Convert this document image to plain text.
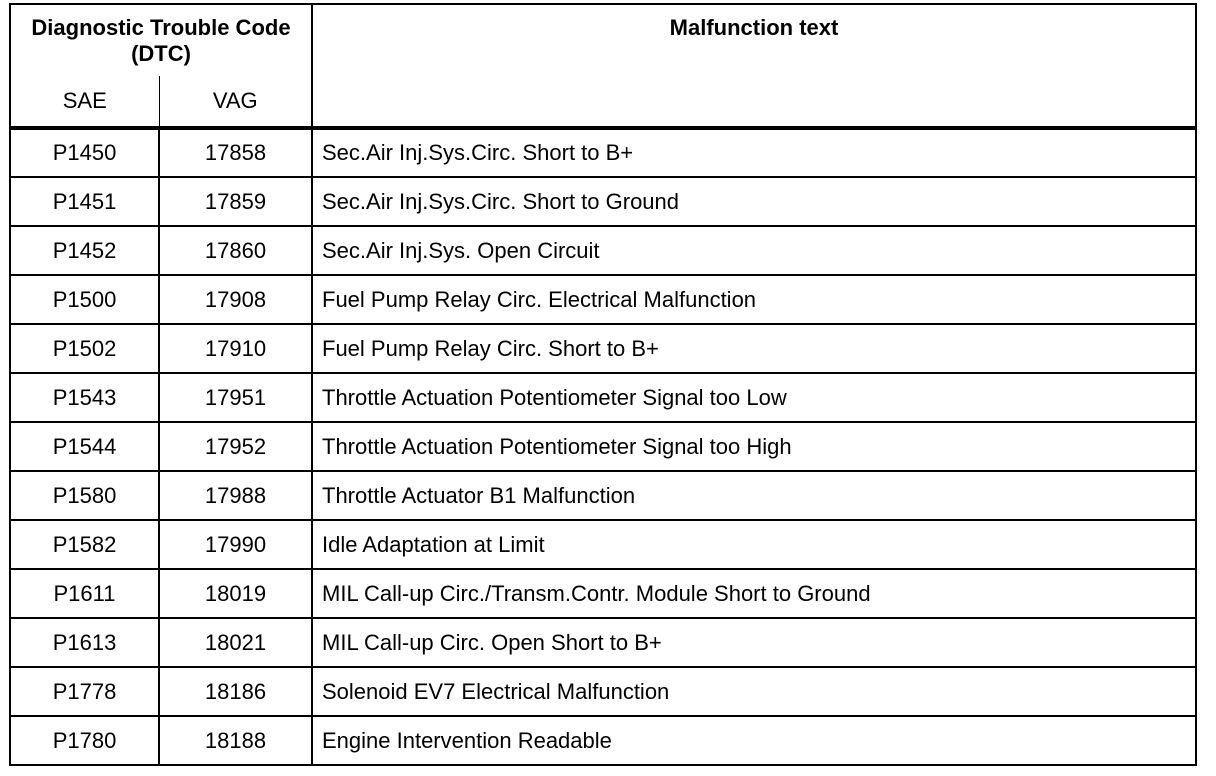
Diagnostic Trouble Code (DTC)		Malfunction text
SAE	VAG	
P1450	17858	Sec.Air Inj.Sys.Circ. Short to B+
P1451	17859	Sec.Air Inj.Sys.Circ. Short to Ground
P1452	17860	Sec.Air Inj.Sys. Open Circuit
P1500	17908	Fuel Pump Relay Circ. Electrical Malfunction
P1502	17910	Fuel Pump Relay Circ. Short to B+
P1543	17951	Throttle Actuation Potentiometer Signal too Low
P1544	17952	Throttle Actuation Potentiometer Signal too High
P1580	17988	Throttle Actuator B1 Malfunction
P1582	17990	Idle Adaptation at Limit
P1611	18019	MIL Call-up Circ./Transm.Contr. Module Short to Ground
P1613	18021	MIL Call-up Circ. Open Short to B+
P1778	18186	Solenoid EV7 Electrical Malfunction
P1780	18188	Engine Intervention Readable
